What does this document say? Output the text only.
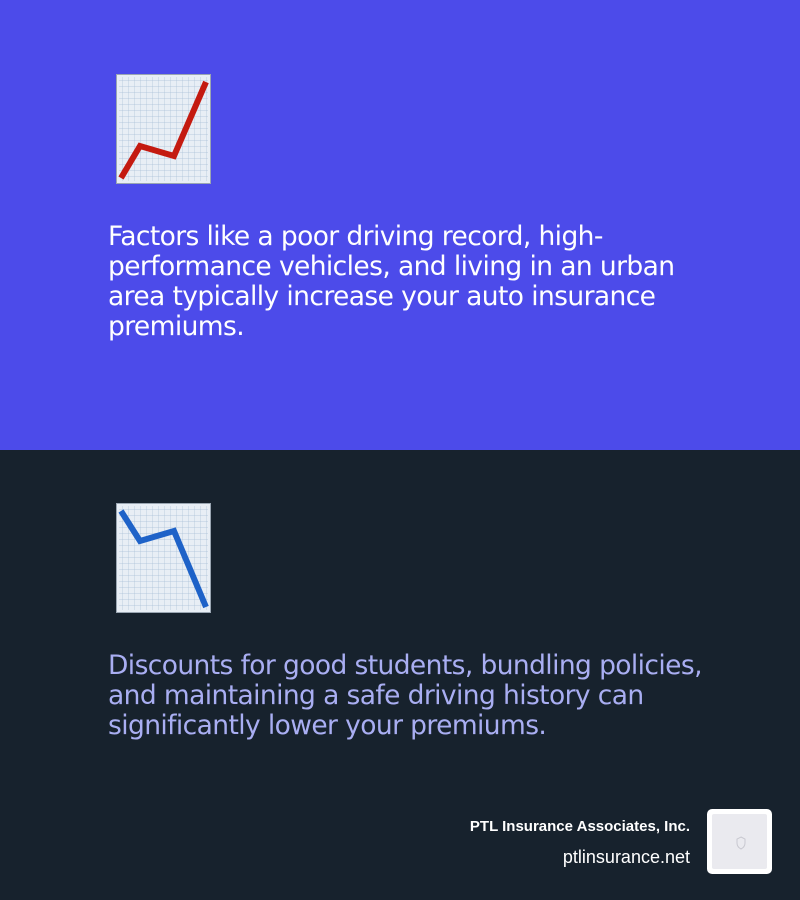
Factors like a poor driving record, high-performance vehicles, and living in an urban area typically increase your auto insurance premiums.

Discounts for good students, bundling policies, and maintaining a safe driving history can significantly lower your premiums.

PTL Insurance Associates, Inc.
ptlinsurance.net
